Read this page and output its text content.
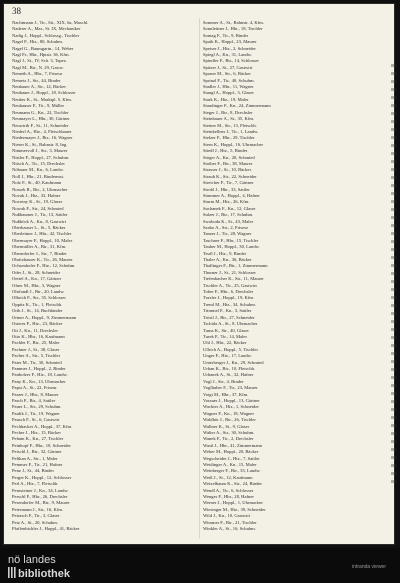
38
Nachtmann J., Tir., Stt., XIX, 6a, Maschl.
Naderer A., Mar., St. IX, Mechaniker
Nadig J., Hoppl., Schlossg., Tischler
Nagel F., Hiz., 80, Schuhm.
Nagel G., Baumgartn., 14, Weber
Nagl Fr., Hbr., Hptstr. 36, Kfm.
Nagl J., St., IV, Sch. 3, Tapez.
Nagl M., Btr., N. 29, Gastw.
Nemeth A., Hbr., 7, Friseur
Nemetz J., Str., 44, Binder
Neubauer A., Str., 12, Bäcker
Neubauer J., Hoppl., 18, Schlosser
Neuber K., St., Marktpl. 5, Kfm.
Neuhauser F., Tir., 9, Müller
Neumann G., Kn., 22, Tischler
Neumayer L., Hbr., 30, Gärtner
Neuwirth F., St., 11, Schneider
Niederl A., Hiz., 4, Fleischhauer
Niedermayer J., Btr., 16, Wagner
Nieser K., St., Bahnstr. 8, Ing.
Nimmervoll J., Str., 3, Maurer
Nistler F., Hoppl., 27, Schuhm.
Nitsch A., Tir., 15, Drechsler
Nöbauer M., Kn., 6, Landw.
Noll J., Hbr., 21, Bindermst.
Nolz F., St., 40, Kaufmann
Nossek R., Btr., 2, Uhrmacher
Novak J., Hiz., 33, Hafner
Novotny K., St., 19, Glaser
Nowak F., Str., 24, Schmied
Nußbaumer J., Tir., 13, Sattler
Nußböck A., Kn., 8, Gastwirt
Oberhauser L., St., 5, Bäcker
Oberleitner J., Hbr., 42, Tischler
Obermayer F., Hoppl., 10, Maler
Obermüller A., Btr., 31, Kfm.
Oberndorfer J., Str., 7, Binder
Obritzhauser K., Tir., 26, Maurer
Ochsenhofer F., Hiz., 12, Schuhm.
Oder J., St., 28, Schneider
Oertel A., Kn., 17, Gärtner
Ofner M., Hbr., 3, Wagner
Ohrfandl J., Btr., 20, Landw.
Olbrich F., Str., 35, Schlosser
Oppitz K., Tir., 1, Fleischh.
Orth J., St., 14, Buchbinder
Ortner A., Hoppl., 9, Zimmermann
Osterer F., Hiz., 23, Bäcker
Ott J., Kn., 11, Drechsler
Otto K., Hbr., 16, Kaufmann
Pachler F., Btr., 25, Maler
Pachner J., St., 38, Glaser
Pacher A., Str., 5, Tischler
Paier M., Tir., 30, Schmied
Pammer J., Hoppl., 2, Binder
Panholzer F., Hiz., 18, Landw.
Pany K., Kn., 13, Uhrmacher
Papst A., St., 22, Friseur
Parzer J., Hbr., 8, Maurer
Pasch F., Btr., 4, Sattler
Pauer L., Str., 29, Schuhm.
Paulik J., Tir., 19, Wagner
Pausch F., St., 6, Gastwirt
Pechhacker A., Hoppl., 37, Kfm.
Pecher J., Hiz., 15, Bäcker
Peham K., Kn., 27, Tischler
Peinhopf F., Hbr., 10, Schneider
Peischl J., Btr., 32, Gärtner
Pelikan A., Str., 1, Maler
Pemmer F., Tir., 21, Hafner
Penz J., St., 44, Binder
Perger K., Hoppl., 12, Schlosser
Perl A., Hiz., 7, Fleischh.
Pernsteiner J., Kn., 34, Landw.
Perschl F., Hbr., 26, Drechsler
Pesendorfer M., Btr., 9, Maurer
Petermann J., Str., 16, Kfm.
Petrasch F., Tir., 3, Glaser
Petz A., St., 20, Schuhm.
Pfaffenbichler J., Hoppl., 41, Bäcker
Sommer A., St., Bahnstr. 4, Kfm.
Sonnleitner J., Hbr., 18, Tischler
Sontag F., Tir., 9, Binder
Spath K., Hoppl., 23, Maurer
Speiser J., Hiz., 2, Schneider
Spiegl A., Kn., 31, Landw.
Spindler F., Btr., 14, Schlosser
Spitzer J., St., 27, Gastwirt
Sponer M., Str., 6, Bäcker
Sprinzl F., Tir., 40, Schuhm.
Stadler J., Hbr., 11, Wagner
Stangl A., Hoppl., 3, Glaser
Stark K., Hiz., 19, Maler
Staudinger F., Kn., 24, Zimmermann
Steger J., Btr., 8, Drechsler
Steinbauer A., St., 35, Kfm.
Steiner M., Str., 13, Fleischh.
Steinkellner J., Tir., 1, Landw.
Stelzer F., Hbr., 29, Tischler
Stern K., Hoppl., 16, Uhrmacher
Stiedl J., Hiz., 5, Binder
Stöger A., Kn., 20, Schmied
Stoiber F., Btr., 38, Maurer
Strasser J., St., 10, Bäcker
Straub K., Str., 22, Schneider
Streicher F., Tir., 7, Gärtner
Strobl J., Hbr., 33, Sattler
Stummer A., Hoppl., 4, Hafner
Sturm M., Hiz., 26, Kfm.
Suchanek F., Kn., 12, Glaser
Sulzer J., Btr., 17, Schuhm.
Swoboda K., St., 43, Maler
Szabo A., Str., 2, Friseur
Tanzer J., Tir., 28, Wagner
Taschner F., Hbr., 15, Tischler
Tauber M., Hoppl., 30, Landw.
Teufl J., Hiz., 9, Binder
Thaler A., Kn., 36, Bäcker
Thallinger F., Btr., 1, Zimmermann
Thurner J., St., 21, Schlosser
Tiefenbacher K., Str., 11, Maurer
Tischler A., Tir., 25, Gastwirt
Tober F., Hbr., 6, Drechsler
Traxler J., Hoppl., 19, Kfm.
Treml M., Hiz., 34, Schuhm.
Trimmel F., Kn., 3, Sattler
Tröstl J., Btr., 27, Schneider
Tschida A., St., 8, Uhrmacher
Tuma K., Str., 40, Glaser
Turek F., Tir., 14, Maler
Uhl J., Hbr., 22, Bäcker
Ullrich A., Hoppl., 5, Tischler
Unger F., Hiz., 17, Landw.
Unterberger J., Kn., 29, Schmied
Urban K., Btr., 10, Fleischh.
Urbanek A., St., 32, Hafner
Vogl J., Str., 4, Binder
Voglhuber F., Tir., 23, Maurer
Voigt M., Hbr., 37, Kfm.
Vorauer J., Hoppl., 13, Gärtner
Wachter A., Hiz., 1, Schneider
Wagner F., Kn., 18, Wagner
Waldhör J., Btr., 26, Tischler
Wallner K., St., 9, Glaser
Walter A., Str., 30, Schuhm.
Wanek F., Tir., 2, Drechsler
Wastl J., Hbr., 41, Zimmermann
Weber M., Hoppl., 20, Bäcker
Wegscheider J., Hiz., 7, Sattler
Weidinger A., Kn., 15, Maler
Weinberger F., Btr., 33, Landw.
Weiß J., St., 12, Kaufmann
Weixelbaum K., Str., 24, Binder
Wendl A., Tir., 6, Schlosser
Wenger F., Hbr., 28, Hafner
Werner J., Hoppl., 1, Uhrmacher
Wiesinger M., Hiz., 39, Schneider
Wild J., Kn., 10, Gastwirt
Wimmer F., Btr., 21, Tischler
Winkler A., St., 16, Schuhm.
nö landes
bibliothek
intranda viewer
